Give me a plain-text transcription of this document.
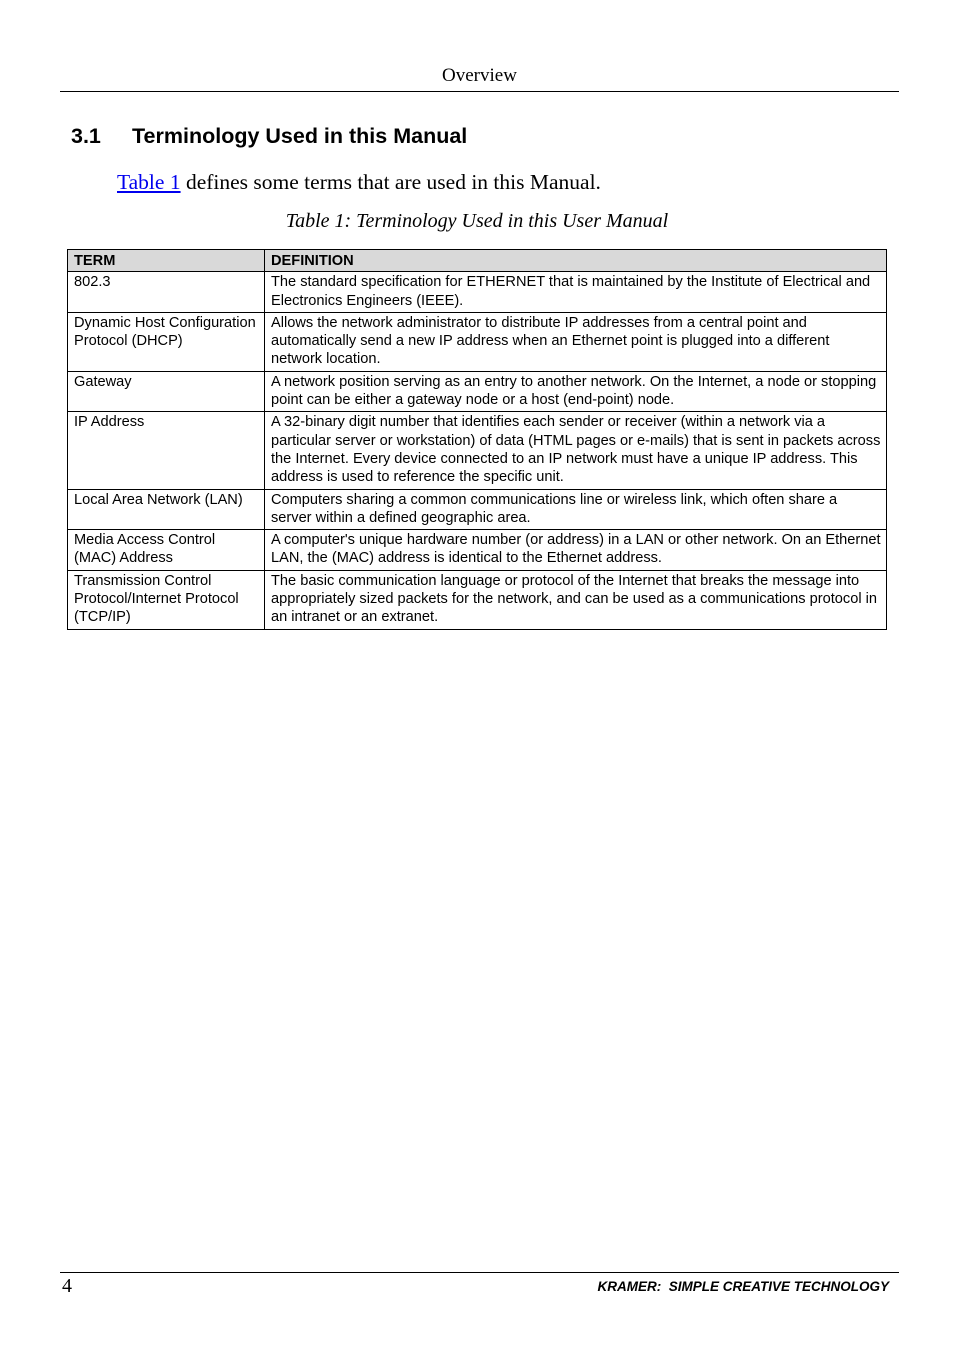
Overview
3.1 Terminology Used in this Manual
Table 1 defines some terms that are used in this Manual.
Table 1: Terminology Used in this User Manual
TERM	DEFINITION
802.3	The standard specification for ETHERNET that is maintained by the Institute of Electrical and Electronics Engineers (IEEE).
Dynamic Host Configuration Protocol (DHCP)	Allows the network administrator to distribute IP addresses from a central point and automatically send a new IP address when an Ethernet point is plugged into a different network location.
Gateway	A network position serving as an entry to another network. On the Internet, a node or stopping point can be either a gateway node or a host (end-point) node.
IP Address	A 32-binary digit number that identifies each sender or receiver (within a network via a particular server or workstation) of data (HTML pages or e-mails) that is sent in packets across the Internet. Every device connected to an IP network must have a unique IP address. This address is used to reference the specific unit.
Local Area Network (LAN)	Computers sharing a common communications line or wireless link, which often share a server within a defined geographic area.
Media Access Control (MAC) Address	A computer's unique hardware number (or address) in a LAN or other network. On an Ethernet LAN, the (MAC) address is identical to the Ethernet address.
Transmission Control Protocol/Internet Protocol (TCP/IP)	The basic communication language or protocol of the Internet that breaks the message into appropriately sized packets for the network, and can be used as a communications protocol in an intranet or an extranet.
4	KRAMER:  SIMPLE CREATIVE TECHNOLOGY
